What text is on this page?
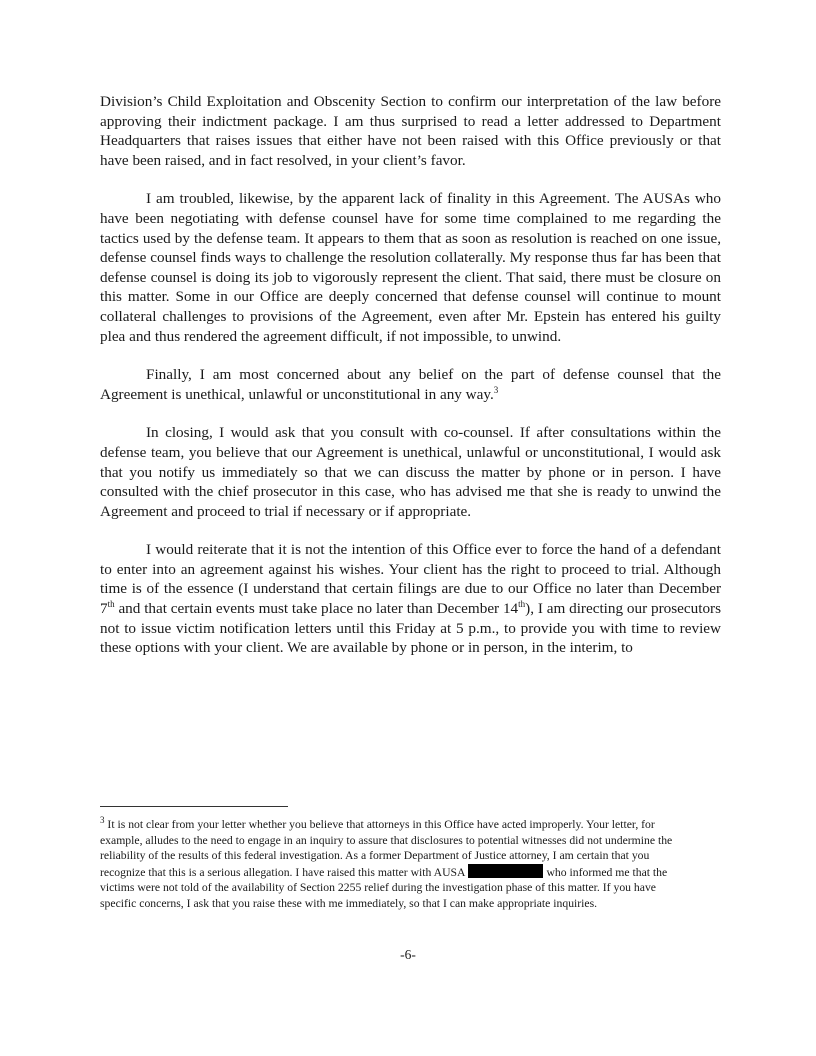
Division’s Child Exploitation and Obscenity Section to confirm our interpretation of the law before approving their indictment package. I am thus surprised to read a letter addressed to Department Headquarters that raises issues that either have not been raised with this Office previously or that have been raised, and in fact resolved, in your client’s favor.

I am troubled, likewise, by the apparent lack of finality in this Agreement. The AUSAs who have been negotiating with defense counsel have for some time complained to me regarding the tactics used by the defense team. It appears to them that as soon as resolution is reached on one issue, defense counsel finds ways to challenge the resolution collaterally. My response thus far has been that defense counsel is doing its job to vigorously represent the client. That said, there must be closure on this matter. Some in our Office are deeply concerned that defense counsel will continue to mount collateral challenges to provisions of the Agreement, even after Mr. Epstein has entered his guilty plea and thus rendered the agreement difficult, if not impossible, to unwind.

Finally, I am most concerned about any belief on the part of defense counsel that the Agreement is unethical, unlawful or unconstitutional in any way.$^3$

In closing, I would ask that you consult with co-counsel. If after consultations within the defense team, you believe that our Agreement is unethical, unlawful or unconstitutional, I would ask that you notify us immediately so that we can discuss the matter by phone or in person. I have consulted with the chief prosecutor in this case, who has advised me that she is ready to unwind the Agreement and proceed to trial if necessary or if appropriate.

I would reiterate that it is not the intention of this Office ever to force the hand of a defendant to enter into an agreement against his wishes. Your client has the right to proceed to trial. Although time is of the essence (I understand that certain filings are due to our Office no later than December 7th and that certain events must take place no later than December 14th), I am directing our prosecutors not to issue victim notification letters until this Friday at 5 p.m., to provide you with time to review these options with your client. We are available by phone or in person, in the interim, to

$^3$ It is not clear from your letter whether you believe that attorneys in this Office have acted improperly. Your letter, for example, alludes to the need to engage in an inquiry to assure that disclosures to potential witnesses did not undermine the reliability of the results of this federal investigation. As a former Department of Justice attorney, I am certain that you recognize that this is a serious allegation. I have raised this matter with AUSA	who informed me that the victims were not told of the availability of Section 2255 relief during the investigation phase of this matter. If you have specific concerns, I ask that you raise these with me immediately, so that I can make appropriate inquiries.

-6-
